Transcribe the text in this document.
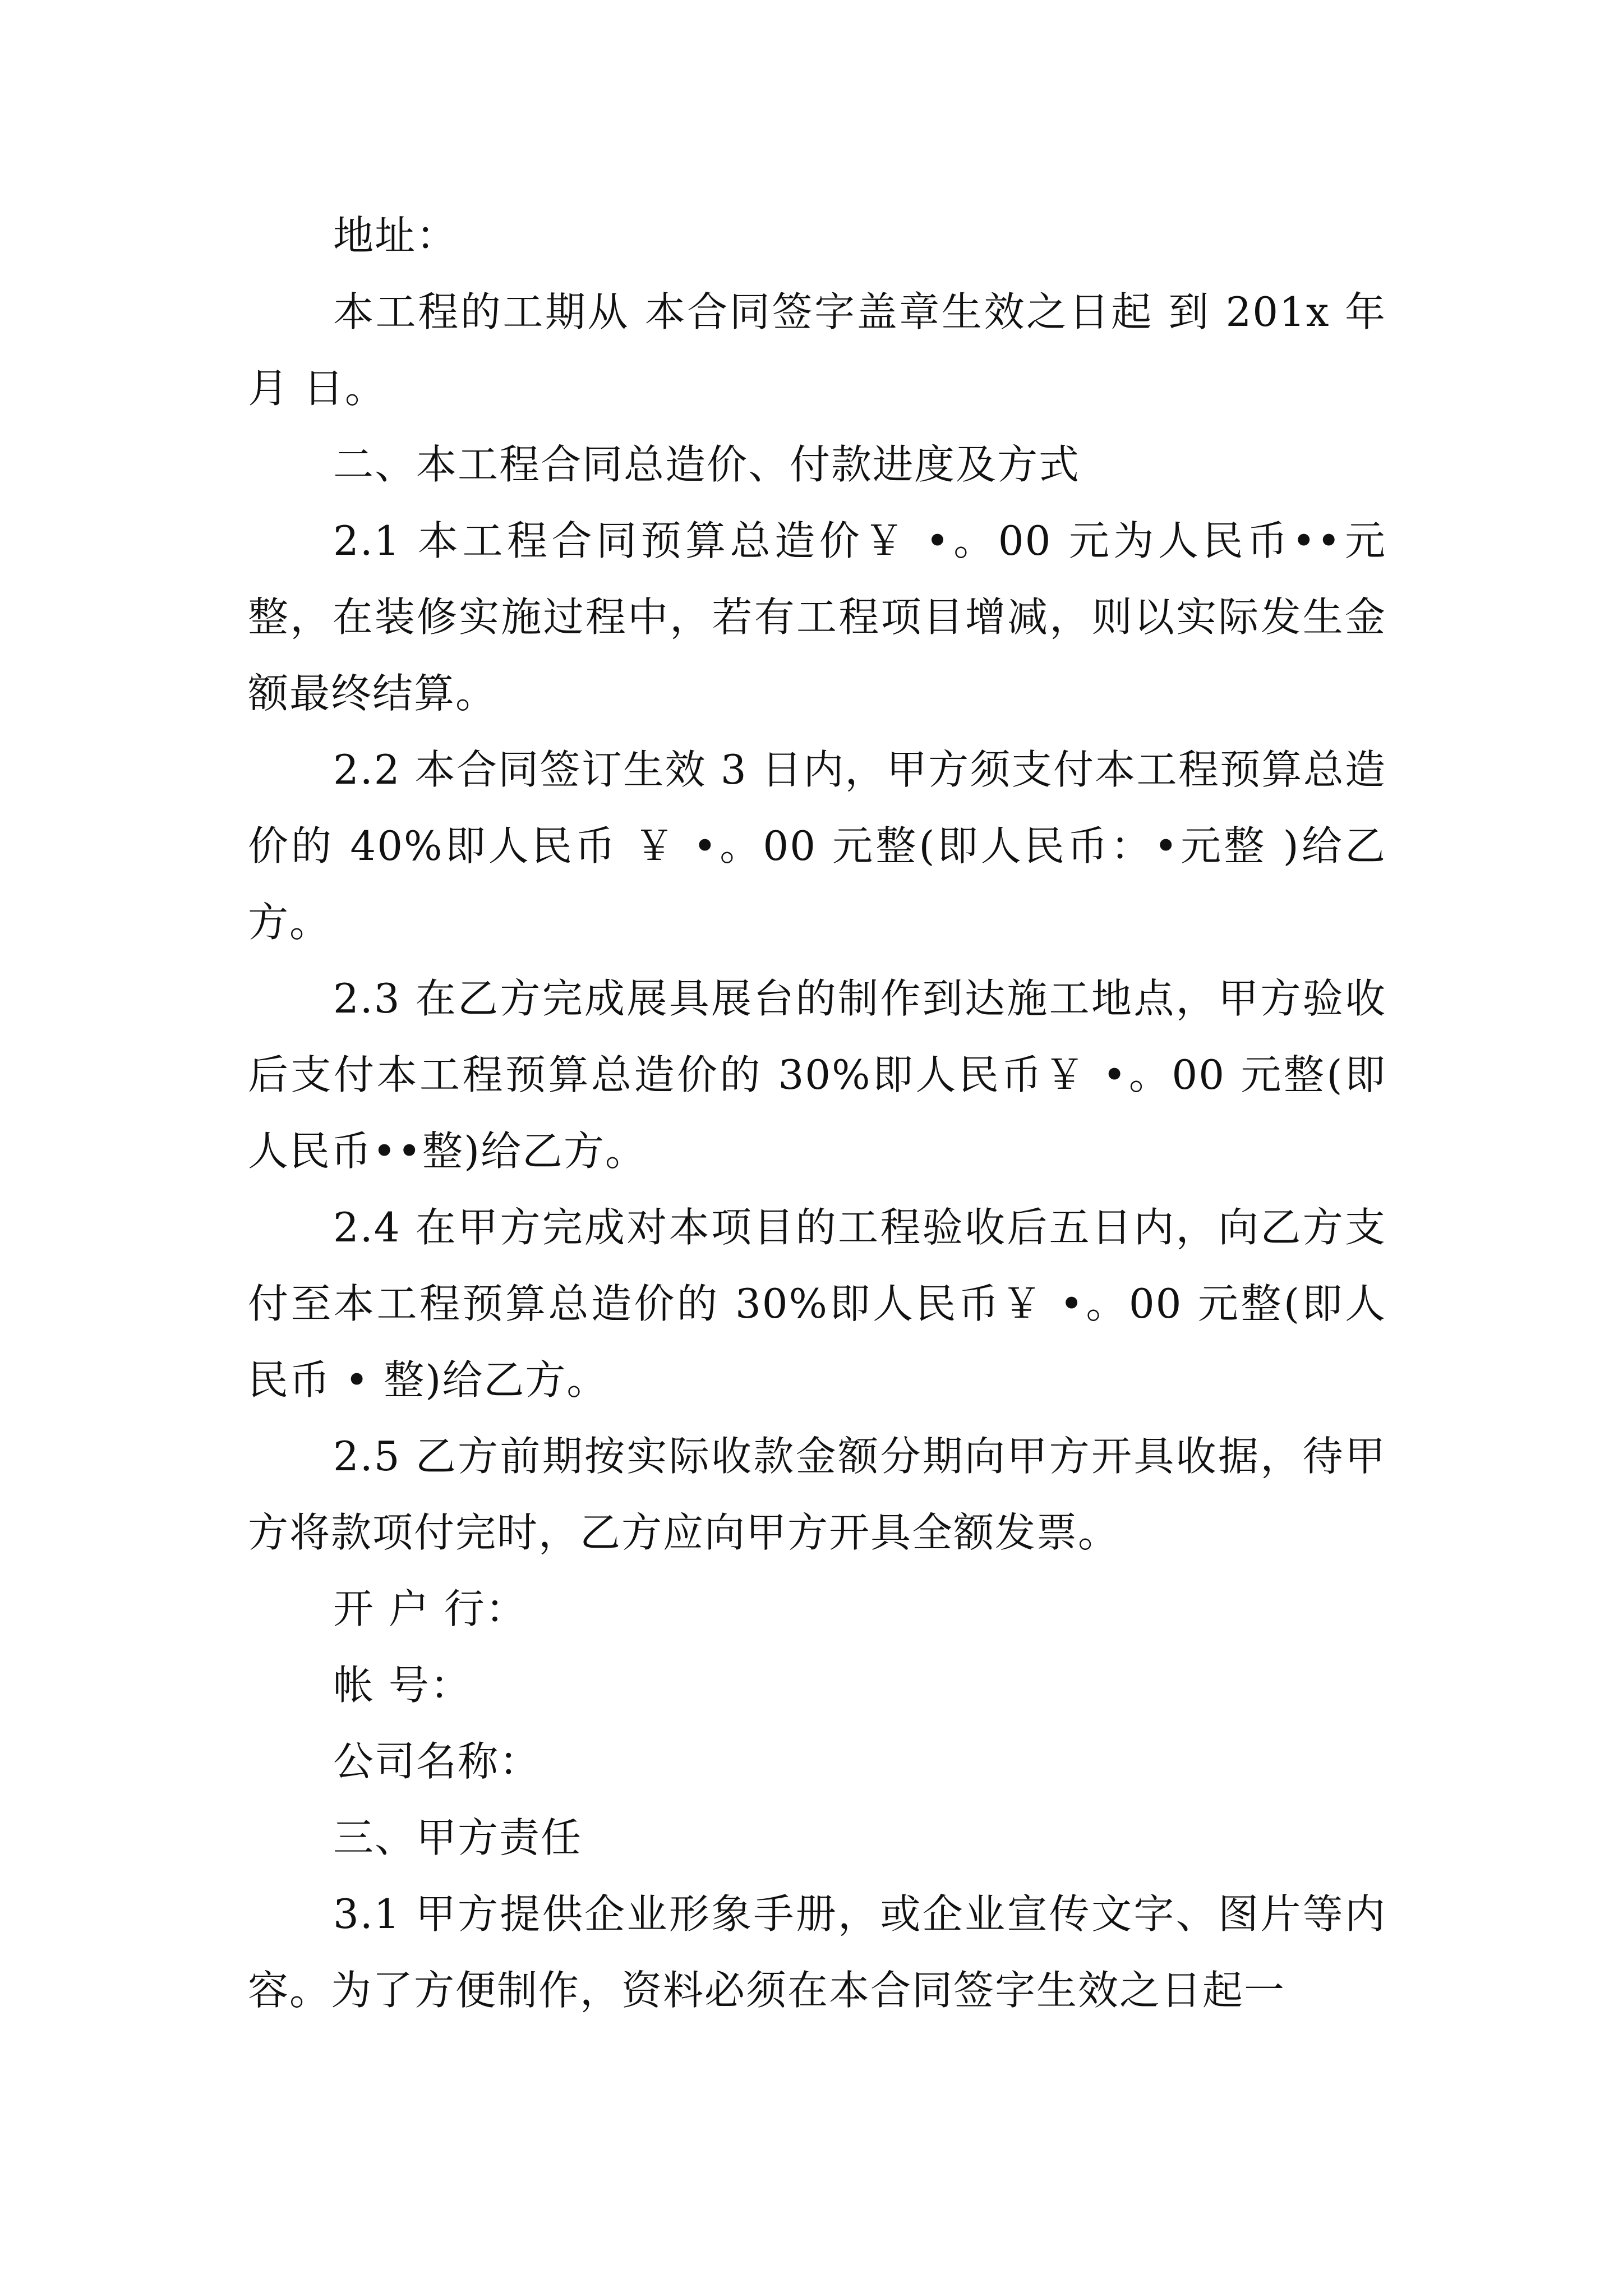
地址：

本工程的工期从 本合同签字盖章生效之日起 到 201x 年 月 日。

二、本工程合同总造价、付款进度及方式

2.1 本工程合同预算总造价￥ •。00 元为人民币••元整，在装修实施过程中，若有工程项目增减，则以实际发生金额最终结算。

2.2 本合同签订生效 3 日内，甲方须支付本工程预算总造价的 40%即人民币 ￥ •。00 元整(即人民币：•元整 )给乙方。

2.3 在乙方完成展具展台的制作到达施工地点，甲方验收后支付本工程预算总造价的 30%即人民币￥ •。00 元整(即人民币••整)给乙方。

2.4 在甲方完成对本项目的工程验收后五日内，向乙方支付至本工程预算总造价的 30%即人民币￥ •。00 元整(即人民币 • 整)给乙方。

2.5 乙方前期按实际收款金额分期向甲方开具收据，待甲方将款项付完时，乙方应向甲方开具全额发票。

开 户 行：

帐 号：

公司名称：

三、甲方责任

3.1 甲方提供企业形象手册，或企业宣传文字、图片等内容。为了方便制作，资料必须在本合同签字生效之日起一
